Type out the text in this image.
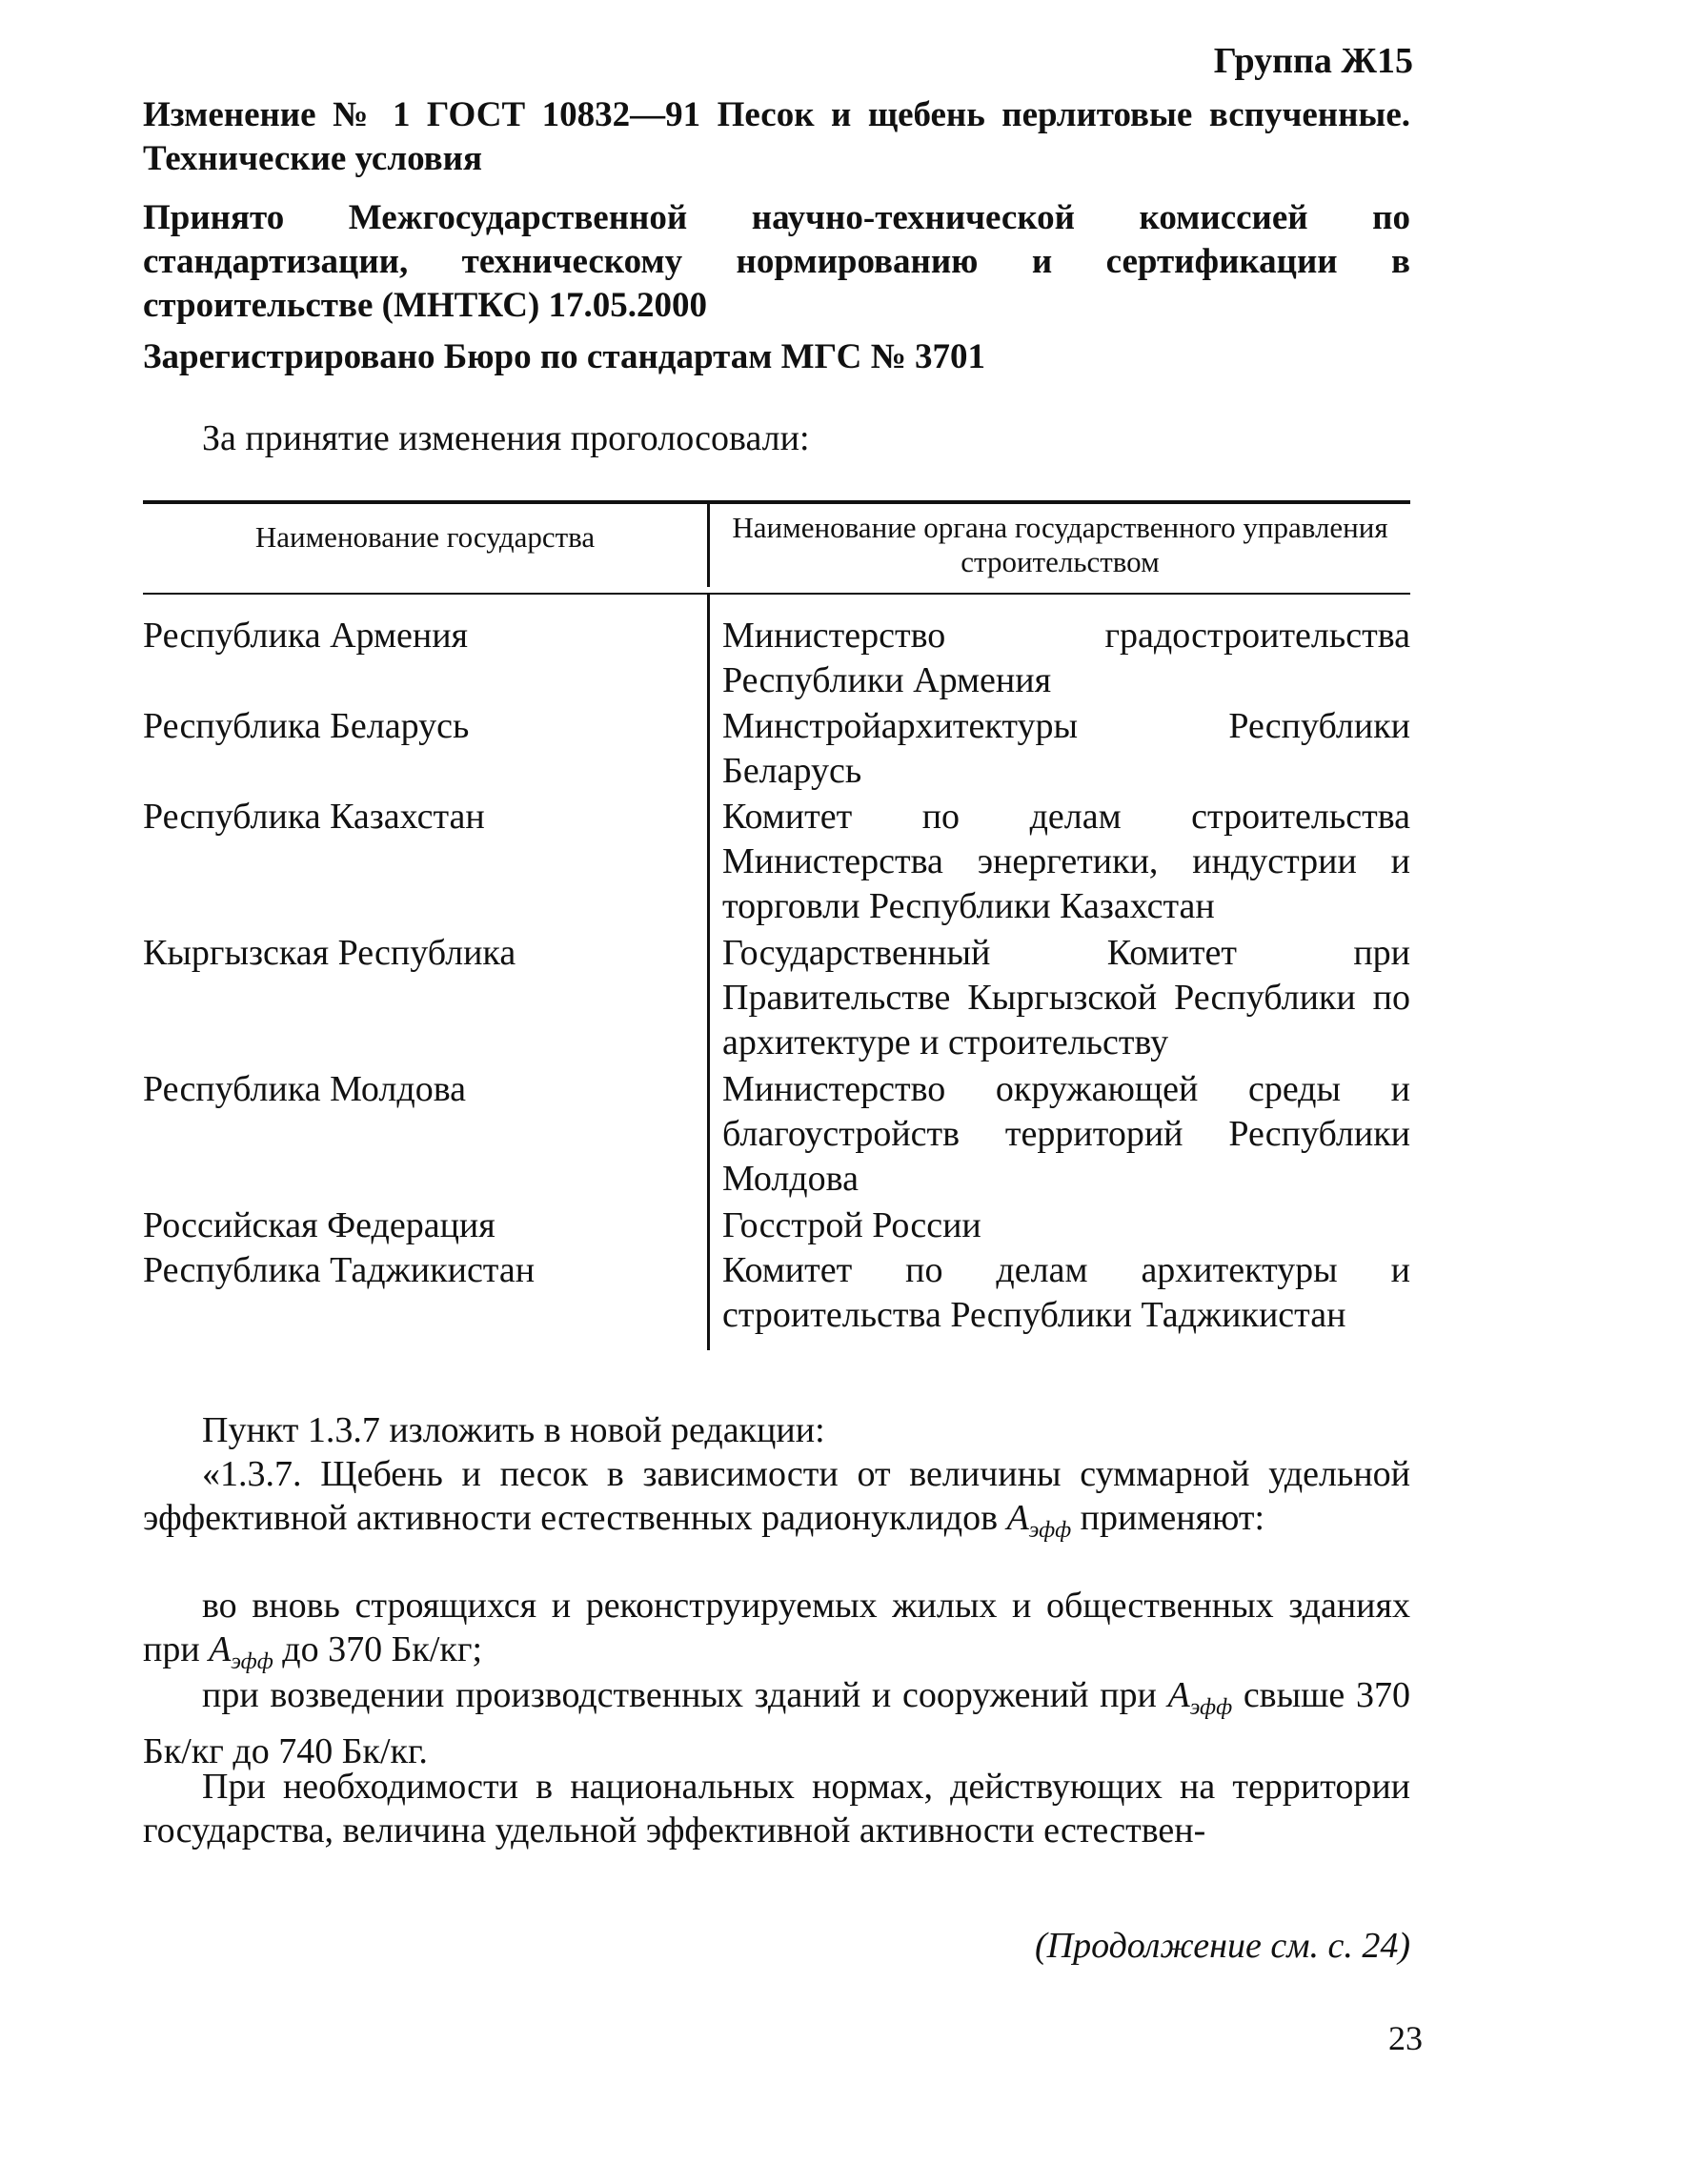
Группа Ж15
Изменение № 1 ГОСТ 10832—91 Песок и щебень перлитовые вспученные. Технические условия
Принято Межгосударственной научно-технической комиссией по стандартизации, техническому нормированию и сертификации в строительстве (МНТКС) 17.05.2000
Зарегистрировано Бюро по стандартам МГС № 3701
За принятие изменения проголосовали:
Наименование государства	Наименование органа государственного управления строительством
Республика Армения	Министерство градостроительства Республики Армения
Республика Беларусь	Минстройархитектуры Республики Беларусь
Республика Казахстан	Комитет по делам строительства Министерства энергетики, индустрии и торговли Республики Казахстан
Кыргызская Республика	Государственный Комитет при Правительстве Кыргызской Республики по архитектуре и строительству
Республика Молдова	Министерство окружающей среды и благоустройств территорий Республики Молдова
Российская Федерация	Госстрой России
Республика Таджикистан	Комитет по делам архитектуры и строительства Республики Таджикистан
Пункт 1.3.7 изложить в новой редакции:
«1.3.7. Щебень и песок в зависимости от величины суммарной удельной эффективной активности естественных радионуклидов $A_{эфф}$ применяют:
во вновь строящихся и реконструируемых жилых и общественных зданиях при $A_{эфф}$ до 370 Бк/кг;
при возведении производственных зданий и сооружений при $A_{эфф}$ свыше 370 Бк/кг до 740 Бк/кг.
При необходимости в национальных нормах, действующих на территории государства, величина удельной эффективной активности естествен-
(Продолжение см. с. 24)
23
